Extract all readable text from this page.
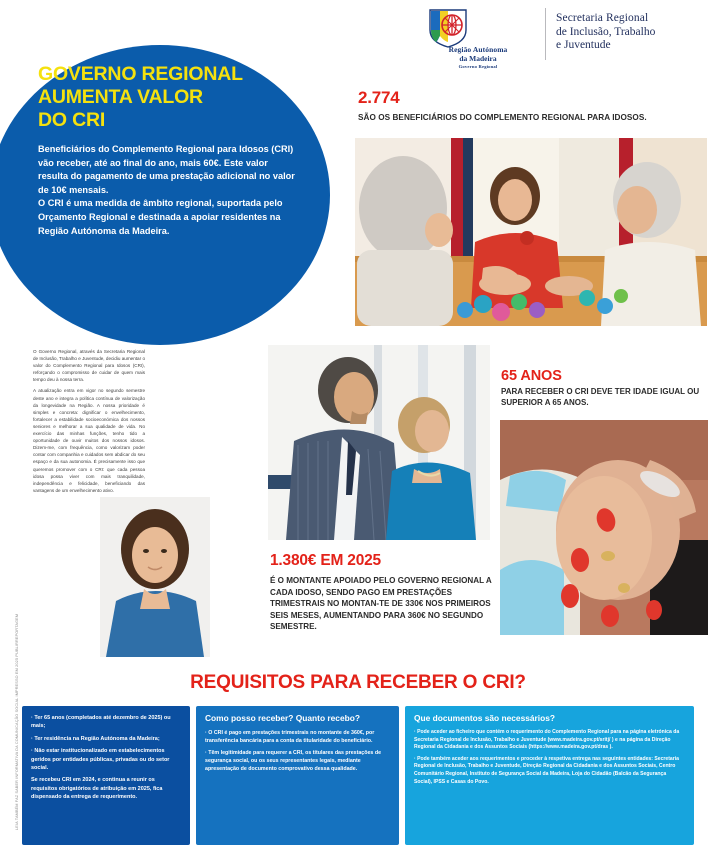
Região Autónoma
da Madeira
Governo Regional
Secretaria Regional
de Inclusão, Trabalho
e Juventude
GOVERNO REGIONAL
AUMENTA VALOR
DO CRI

Beneficiários do Complemento Regional para Idosos (CRI) vão receber, até ao final do ano, mais 60€. Este valor resulta do pagamento de uma prestação adicional no valor de 10€ mensais.

O CRI é uma medida de âmbito regional, suportada pelo Orçamento Regional e destinada a apoiar residentes na Região Autónoma da Madeira.

2.774
SÃO OS BENEFICIÁRIOS DO COMPLEMENTO REGIONAL PARA IDOSOS.

O Governo Regional, através da Secretaria Regional de Inclusão, Trabalho e Juventude, decidiu aumentar o valor do Complemento Regional para Idosos (CRI), reforçando o compromisso de cuidar de quem mais tempo deu à nossa terra.

A atualização entra em vigor no segundo semestre deste ano e integra a política contínua de valorização da longevidade na Região. A nossa prioridade é simples e concreta: dignificar o envelhecimento, fortalecer a estabilidade socioeconómica dos nossos seniores e melhorar a sua qualidade de vida. No exercício das minhas funções, tenho tido a oportunidade de ouvir muitos dos nossos idosos. Dizem-me, com frequência, como valorizam poder contar com companhia e cuidados sem abdicar do seu espaço e da sua autonomia. É precisamente isso que queremos promover com o CRI: que cada pessoa idosa possa viver com mais tranquilidade, independência e felicidade, beneficiando das vantagens de um envelhecimento ativo.

LEIA TAMBÉM FAZ SABER INFORMATIVA DA COMUNICAÇÃO SOCIAL IMPRESSO EM 2025 PUBLIRREPORTAGEM
65 ANOS
PARA RECEBER O CRI DEVE TER IDADE IGUAL OU SUPERIOR A 65 ANOS.
1.380€ EM 2025
É O MONTANTE APOIADO PELO GOVERNO REGIONAL A CADA IDOSO, SENDO PAGO EM PRESTAÇÕES TRIMESTRAIS NO MONTAN-TE DE 330€ NOS PRIMEIROS SEIS MESES, AUMENTANDO PARA 360€ NO SEGUNDO SEMESTRE.
REQUISITOS PARA RECEBER O CRI?
· Ter 65 anos (completados até dezembro de 2025) ou mais;
· Ter residência na Região Autónoma da Madeira;
· Não estar institucionalizado em estabelecimentos geridos por entidades públicas, privadas ou do setor social.
Se recebeu CRI em 2024, e continua a reunir os requisitos obrigatórios de atribuição em 2025, fica dispensado da entrega de requerimento.
Como posso receber? Quanto recebo?
· O CRI é pago em prestações trimestrais no montante de 360€, por transferência bancária para a conta da titularidade do beneficiário.
· Têm legitimidade para requerer a CRI, os titulares das prestações de segurança social, ou os seus representantes legais, mediante apresentação de documento comprovativo dessa qualidade.
Que documentos são necessários?
· Pode aceder ao ficheiro que contém o requerimento do Complemento Regional para na página eletrónica da Secretaria Regional de Inclusão, Trabalho e Juventude (www.madeira.gov.pt/sritj/ ) e na página da Direção Regional da Cidadania e dos Assuntos Sociais (https://www.madeira.gov.pt/dras ).
· Pode também aceder aos requerimentos e proceder à respetiva entrega nas seguintes entidades: Secretaria Regional de Inclusão, Trabalho e Juventude, Direção Regional da Cidadania e dos Assuntos Sociais, Centro Comunitário Regional, Instituto de Segurança Social da Madeira, Loja do Cidadão (Balcão da Segurança Social), IPSS e Casas do Povo.
